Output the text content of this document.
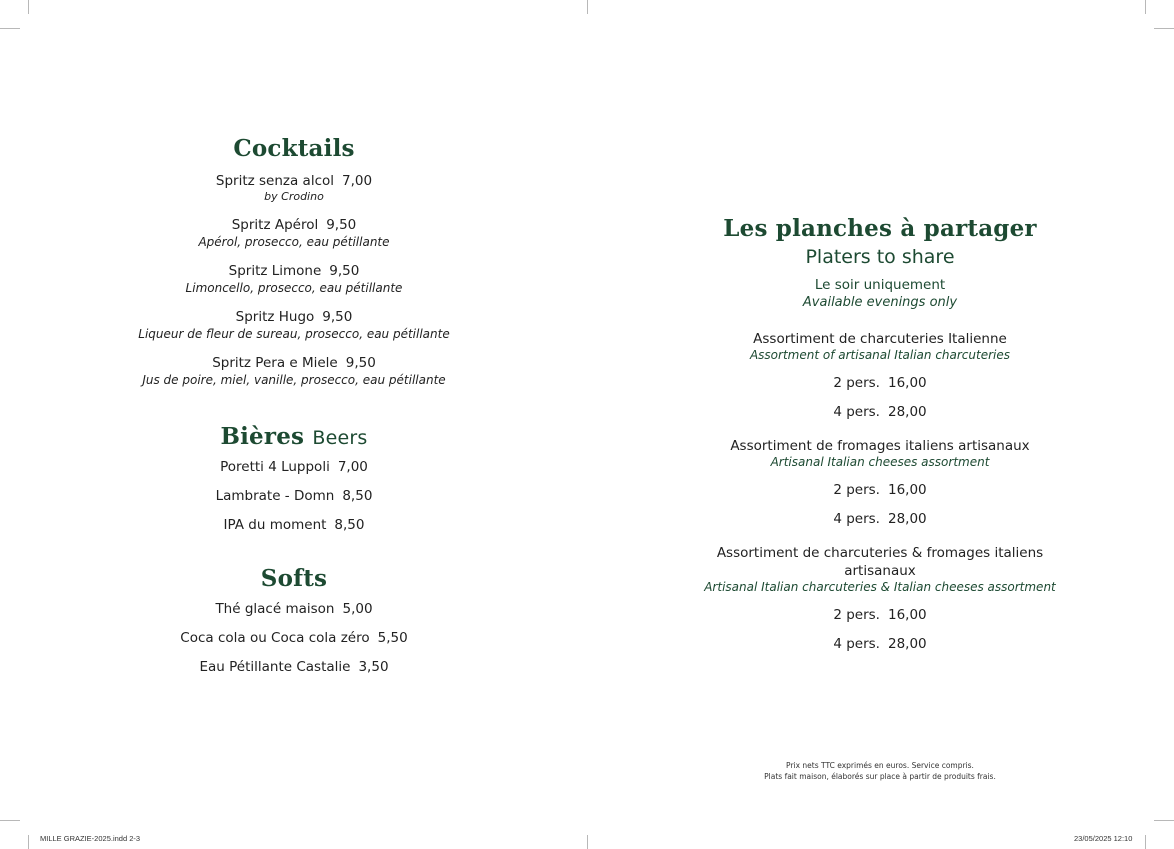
Cocktails
Spritz senza alcol 7,00
by Crodino
Spritz Apérol 9,50
Apérol, prosecco, eau pétillante
Spritz Limone 9,50
Limoncello, prosecco, eau pétillante
Spritz Hugo 9,50
Liqueur de fleur de sureau, prosecco, eau pétillante
Spritz Pera e Miele 9,50
Jus de poire, miel, vanille, prosecco, eau pétillante
Bières Beers
Poretti 4 Luppoli 7,00
Lambrate - Domn 8,50
IPA du moment 8,50
Softs
Thé glacé maison 5,00
Coca cola ou Coca cola zéro 5,50
Eau Pétillante Castalie 3,50
Les planches à partager
Platers to share
Le soir uniquement
Available evenings only
Assortiment de charcuteries Italienne
Assortment of artisanal Italian charcuteries
2 pers. 16,00
4 pers. 28,00
Assortiment de fromages italiens artisanaux
Artisanal Italian cheeses assortment
2 pers. 16,00
4 pers. 28,00
Assortiment de charcuteries & fromages italiens artisanaux
Artisanal Italian charcuteries & Italian cheeses assortment
2 pers. 16,00
4 pers. 28,00
Prix nets TTC exprimés en euros. Service compris.
Plats fait maison, élaborés sur place à partir de produits frais.
MILLE GRAZIE-2025.indd 2-3	23/05/2025 12:10
